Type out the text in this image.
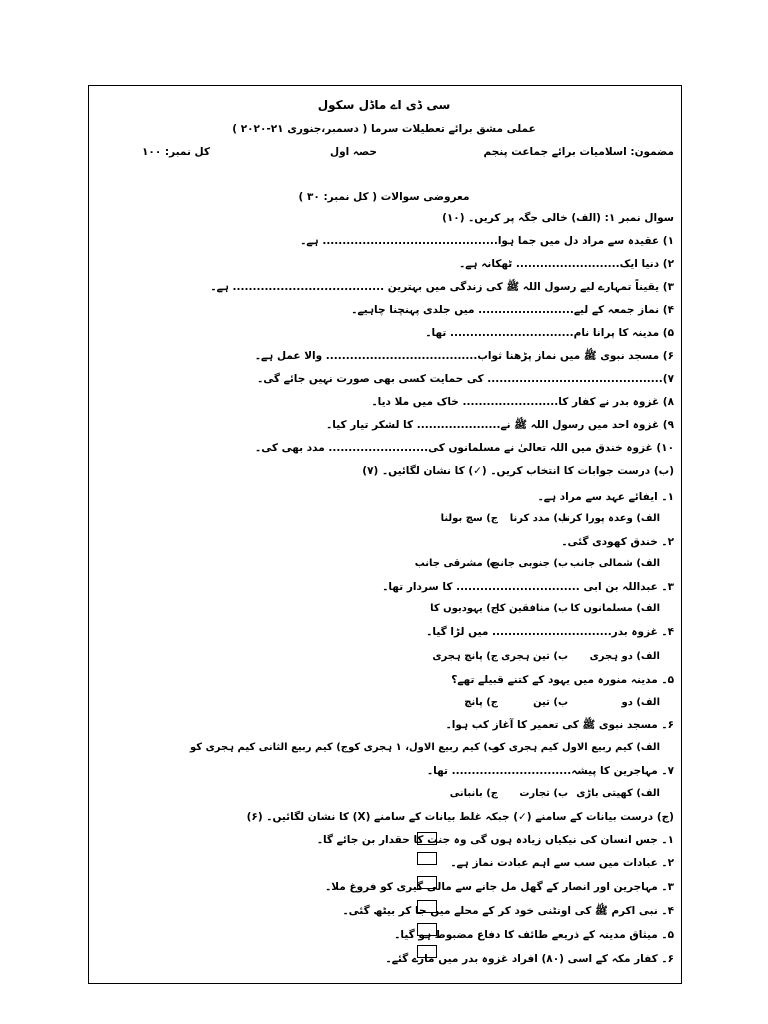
سی ڈی اے ماڈل سکول
عملی مشق برائے تعطیلات سرما ( دسمبر،جنوری ۲۱-۲۰۲۰ )
مضمون: اسلامیات برائے جماعت پنجم
حصہ اول
کل نمبر: ۱۰۰
معروضی سوالات ( کل نمبر: ۳۰ )
سوال نمبر ۱: (الف) خالی جگہ پر کریں۔ (۱۰)
۱) عقیدہ سے مراد دل میں جما ہوا............................................ ہے۔
۲) دنیا ایک.......................... ٹھکانہ ہے۔
۳) یقیناً تمہارے لیے رسول اللہ ﷺ کی زندگی میں بہترین ...................................... ہے۔
۴) نماز جمعہ کے لیے........................ میں جلدی پہنچنا چاہیے۔
۵) مدینہ کا پرانا نام............................... تھا۔
۶) مسجد نبوی ﷺ میں نماز پڑھنا ثواب...................................... والا عمل ہے۔
۷)............................................ کی حمایت کسی بھی صورت نہیں جائے گی۔
۸) غزوہ بدر نے کفار کا........................ خاک میں ملا دیا۔
۹) غزوہ احد میں رسول اللہ ﷺ نے..................... کا لشکر تیار کیا۔
۱۰) غزوہ خندق میں اللہ تعالیٰ نے مسلمانوں کی......................... مدد بھی کی۔
(ب) درست جوابات کا انتخاب کریں۔ (✓) کا نشان لگائیں۔ (۷)
۱۔ ایفائے عہد سے مراد ہے۔
الف) وعدہ پورا کرنا
ب) مدد کرنا
ج) سچ بولنا
۲۔ خندق کھودی گئی۔
الف) شمالی جانب
ب) جنوبی جانب
ج) مشرقی جانب
۳۔ عبداللہ بن ابی ............................... کا سردار تھا۔
الف) مسلمانوں کا
ب) منافقین کا
ج) یہودیوں کا
۴۔ غزوہ بدر.............................. میں لڑا گیا۔
الف) دو ہجری
ب) تین ہجری
ج) پانچ ہجری
۵۔ مدینہ منورہ میں یہود کے کتنے قبیلے تھے؟
الف) دو
ب) تین
ج) پانچ
۶۔ مسجد نبوی ﷺ کی تعمیر کا آغاز کب ہوا۔
الف) کیم ربیع الاول کیم ہجری کو
ب) کیم ربیع الاول، ۱ ہجری کو
ج) کیم ربیع الثانی کیم ہجری کو
۷۔ مہاجرین کا پیشہ.............................. تھا۔
الف) کھیتی باڑی
ب) تجارت
ج) بانبانی
(ج) درست بیانات کے سامنے (✓) جبکہ غلط بیانات کے سامنے (X) کا نشان لگائیں۔ (۶)
۱۔ جس انسان کی نیکیاں زیادہ ہوں گی وہ جنت کا حقدار بن جائے گا۔
۲۔ عبادات میں سب سے اہم عبادت نماز ہے۔
۳۔ مہاجرین اور انصار کے گھل مل جانے سے مالی گیری کو فروغ ملا۔
۴۔ نبی اکرم ﷺ کی اونٹنی خود کر کے محلے میں جا کر بیٹھ گئی۔
۵۔ میثاق مدینہ کے ذریعے طائف کا دفاع مضبوط ہو گیا۔
۶۔ کفار مکہ کے اسی (۸۰) افراد غزوہ بدر میں مارے گئے۔
